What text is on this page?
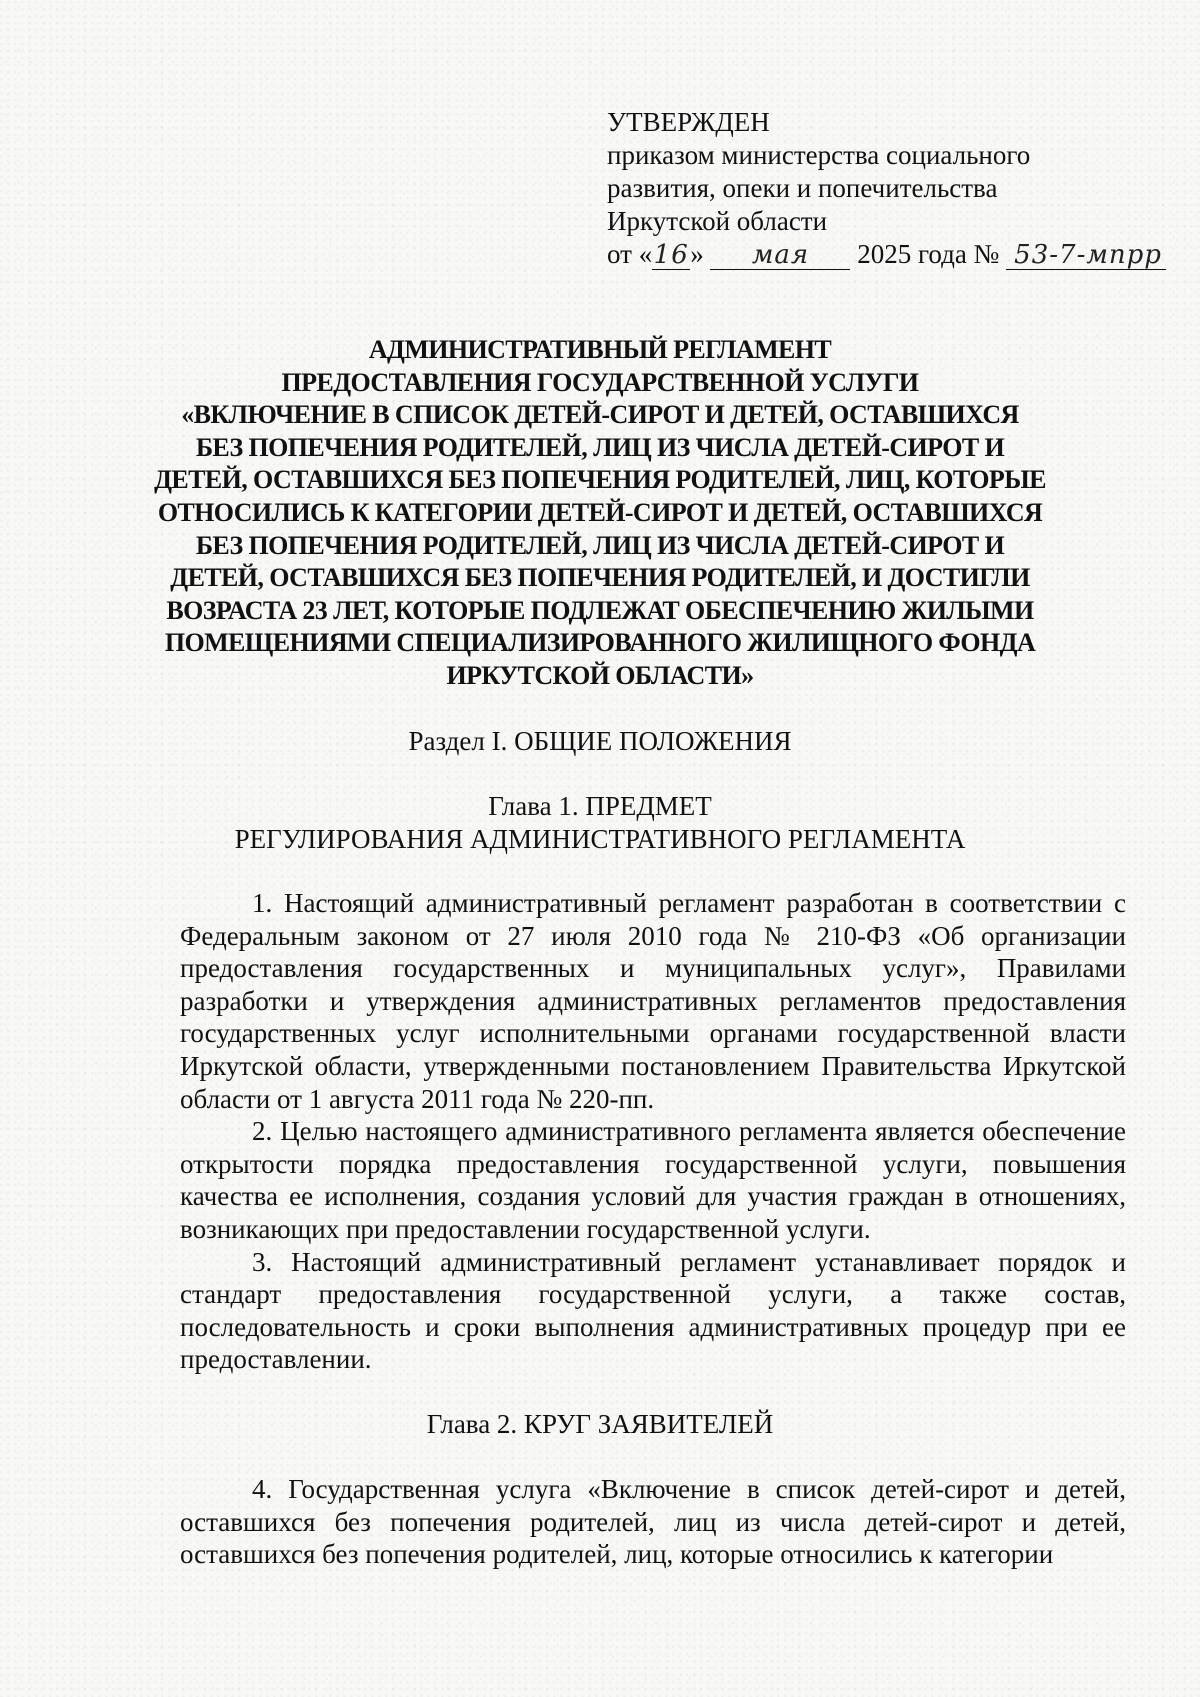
УТВЕРЖДЕН
приказом министерства социального
развития, опеки и попечительства
Иркутской области
от «16» мая 2025 года № 53-7-мпрр
АДМИНИСТРАТИВНЫЙ РЕГЛАМЕНТ
ПРЕДОСТАВЛЕНИЯ ГОСУДАРСТВЕННОЙ УСЛУГИ
«ВКЛЮЧЕНИЕ В СПИСОК ДЕТЕЙ-СИРОТ И ДЕТЕЙ, ОСТАВШИХСЯ
БЕЗ ПОПЕЧЕНИЯ РОДИТЕЛЕЙ, ЛИЦ ИЗ ЧИСЛА ДЕТЕЙ-СИРОТ И
ДЕТЕЙ, ОСТАВШИХСЯ БЕЗ ПОПЕЧЕНИЯ РОДИТЕЛЕЙ, ЛИЦ, КОТОРЫЕ
ОТНОСИЛИСЬ К КАТЕГОРИИ ДЕТЕЙ-СИРОТ И ДЕТЕЙ, ОСТАВШИХСЯ
БЕЗ ПОПЕЧЕНИЯ РОДИТЕЛЕЙ, ЛИЦ ИЗ ЧИСЛА ДЕТЕЙ-СИРОТ И
ДЕТЕЙ, ОСТАВШИХСЯ БЕЗ ПОПЕЧЕНИЯ РОДИТЕЛЕЙ, И ДОСТИГЛИ
ВОЗРАСТА 23 ЛЕТ, КОТОРЫЕ ПОДЛЕЖАТ ОБЕСПЕЧЕНИЮ ЖИЛЫМИ
ПОМЕЩЕНИЯМИ СПЕЦИАЛИЗИРОВАННОГО ЖИЛИЩНОГО ФОНДА
ИРКУТСКОЙ ОБЛАСТИ»
Раздел I. ОБЩИЕ ПОЛОЖЕНИЯ
Глава 1. ПРЕДМЕТ
РЕГУЛИРОВАНИЯ АДМИНИСТРАТИВНОГО РЕГЛАМЕНТА

1. Настоящий административный регламент разработан в соответствии с Федеральным законом от 27 июля 2010 года № 210-ФЗ «Об организации предоставления государственных и муниципальных услуг», Правилами разработки и утверждения административных регламентов предоставления государственных услуг исполнительными органами государственной власти Иркутской области, утвержденными постановлением Правительства Иркутской области от 1 августа 2011 года № 220-пп.

2. Целью настоящего административного регламента является обеспечение открытости порядка предоставления государственной услуги, повышения качества ее исполнения, создания условий для участия граждан в отношениях, возникающих при предоставлении государственной услуги.

3. Настоящий административный регламент устанавливает порядок и стандарт предоставления государственной услуги, а также состав, последовательность и сроки выполнения административных процедур при ее предоставлении.

Глава 2. КРУГ ЗАЯВИТЕЛЕЙ

4. Государственная услуга «Включение в список детей-сирот и детей, оставшихся без попечения родителей, лиц из числа детей-сирот и детей, оставшихся без попечения родителей, лиц, которые относились к категории
